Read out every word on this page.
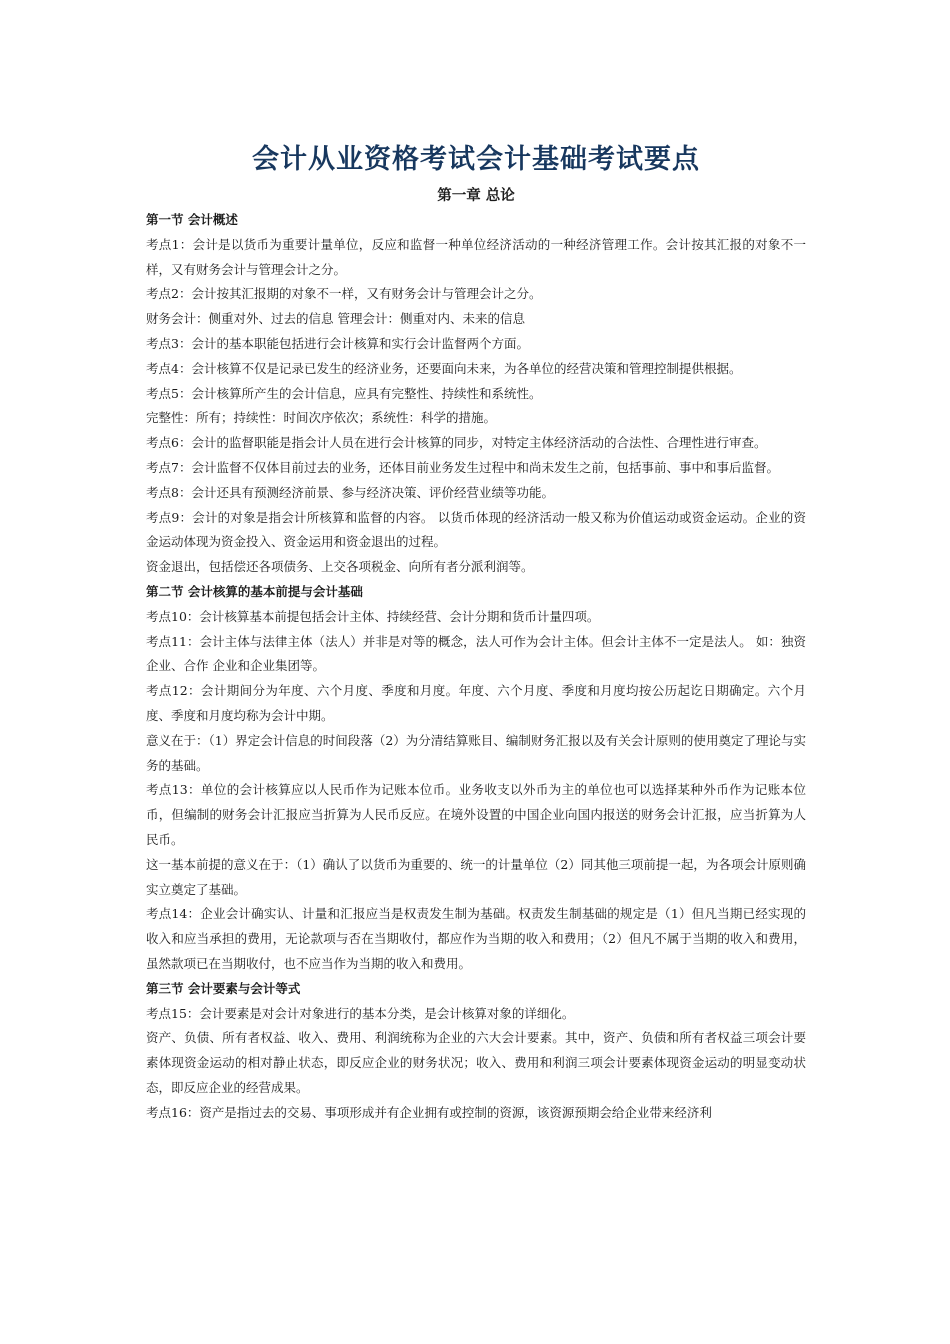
会计从业资格考试会计基础考试要点
第一章 总论

第一节 会计概述

考点1：会计是以货币为重要计量单位，反应和监督一种单位经济活动的一种经济管理工作。会计按其汇报的对象不一样，又有财务会计与管理会计之分。

考点2：会计按其汇报期的对象不一样，又有财务会计与管理会计之分。

财务会计：侧重对外、过去的信息 管理会计：侧重对内、未来的信息

考点3：会计的基本职能包括进行会计核算和实行会计监督两个方面。

考点4：会计核算不仅是记录已发生的经济业务，还要面向未来，为各单位的经营决策和管理控制提供根据。

考点5：会计核算所产生的会计信息，应具有完整性、持续性和系统性。

完整性：所有；持续性：时间次序依次；系统性：科学的措施。

考点6：会计的监督职能是指会计人员在进行会计核算的同步，对特定主体经济活动的合法性、合理性进行审查。

考点7：会计监督不仅体目前过去的业务，还体目前业务发生过程中和尚未发生之前，包括事前、事中和事后监督。

考点8：会计还具有预测经济前景、参与经济决策、评价经营业绩等功能。

考点9：会计的对象是指会计所核算和监督的内容。 以货币体现的经济活动一般又称为价值运动或资金运动。企业的资金运动体现为资金投入、资金运用和资金退出的过程。

资金退出，包括偿还各项债务、上交各项税金、向所有者分派利润等。

第二节 会计核算的基本前提与会计基础

考点10：会计核算基本前提包括会计主体、持续经营、会计分期和货币计量四项。

考点11：会计主体与法律主体（法人）并非是对等的概念，法人可作为会计主体。但会计主体不一定是法人。 如：独资企业、合作 企业和企业集团等。

考点12：会计期间分为年度、六个月度、季度和月度。年度、六个月度、季度和月度均按公历起讫日期确定。六个月度、季度和月度均称为会计中期。

意义在于：（1）界定会计信息的时间段落（2）为分清结算账目、编制财务汇报以及有关会计原则的使用奠定了理论与实务的基础。

考点13：单位的会计核算应以人民币作为记账本位币。业务收支以外币为主的单位也可以选择某种外币作为记账本位币，但编制的财务会计汇报应当折算为人民币反应。在境外设置的中国企业向国内报送的财务会计汇报，应当折算为人民币。

这一基本前提的意义在于：（1）确认了以货币为重要的、统一的计量单位（2）同其他三项前提一起，为各项会计原则确实立奠定了基础。

考点14：企业会计确实认、计量和汇报应当是权责发生制为基础。权责发生制基础的规定是（1）但凡当期已经实现的收入和应当承担的费用，无论款项与否在当期收付，都应作为当期的收入和费用；（2）但凡不属于当期的收入和费用，虽然款项已在当期收付，也不应当作为当期的收入和费用。

第三节 会计要素与会计等式

考点15：会计要素是对会计对象进行的基本分类，是会计核算对象的详细化。

资产、负债、所有者权益、收入、费用、利润统称为企业的六大会计要素。其中，资产、负债和所有者权益三项会计要素体现资金运动的相对静止状态，即反应企业的财务状况；收入、费用和利润三项会计要素体现资金运动的明显变动状态，即反应企业的经营成果。

考点16：资产是指过去的交易、事项形成并有企业拥有或控制的资源，该资源预期会给企业带来经济利
